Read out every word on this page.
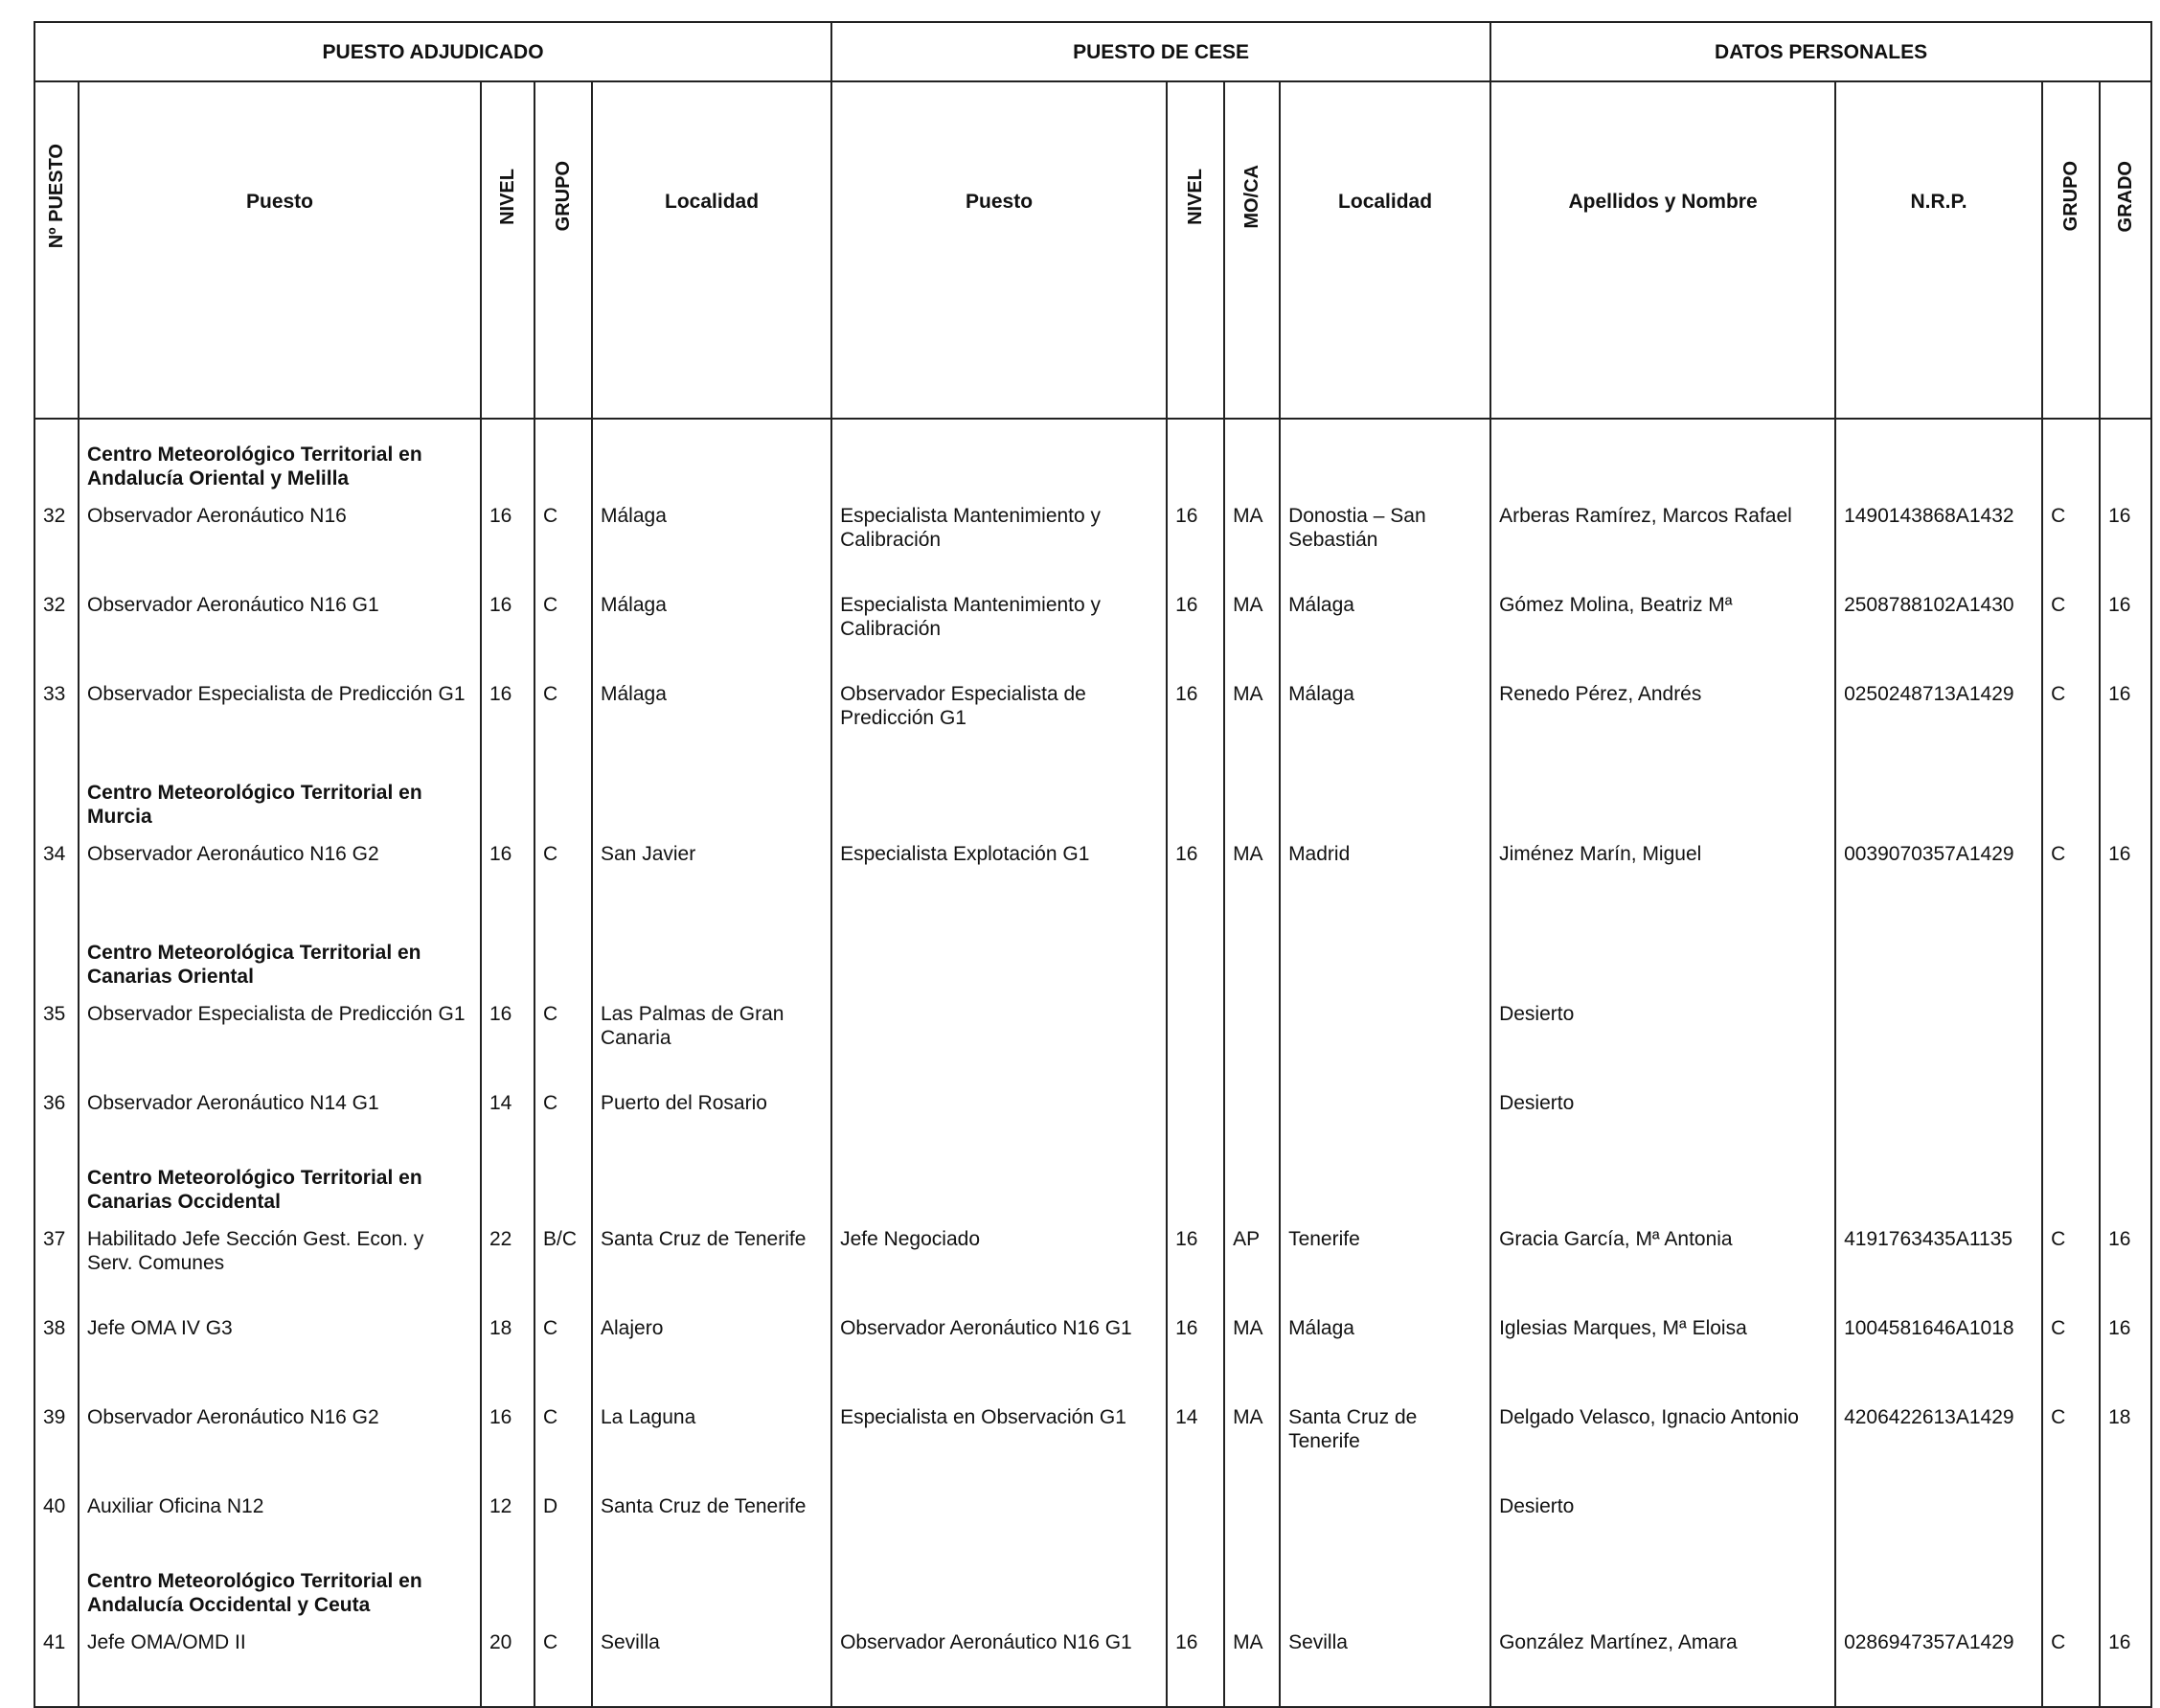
PUESTO ADJUDICADO					PUESTO DE CESE				DATOS PERSONALES			

Nº PUESTO	Puesto	NIVEL	GRUPO	Localidad	Puesto	NIVEL	MO/CA	Localidad	Apellidos y Nombre	N.R.P.	GRUPO	GRADO

	Centro Meteorológico Territorial en Andalucía Oriental y Melilla											
32	Observador Aeronáutico N16	16	C	Málaga	Especialista Mantenimiento y Calibración	16	MA	Donostia – San Sebastián	Arberas Ramírez, Marcos Rafael	1490143868A1432	C	16
32	Observador Aeronáutico N16 G1	16	C	Málaga	Especialista Mantenimiento y Calibración	16	MA	Málaga	Gómez Molina, Beatriz Mª	2508788102A1430	C	16
33	Observador Especialista de Predicción G1	16	C	Málaga	Observador Especialista de Predicción G1	16	MA	Málaga	Renedo Pérez, Andrés	0250248713A1429	C	16
	Centro Meteorológico Territorial en Murcia											
34	Observador Aeronáutico N16 G2	16	C	San Javier	Especialista Explotación G1	16	MA	Madrid	Jiménez Marín, Miguel	0039070357A1429	C	16
	Centro Meteorológica Territorial en Canarias Oriental											
35	Observador Especialista de Predicción G1	16	C	Las Palmas de Gran Canaria					Desierto			
36	Observador Aeronáutico N14 G1	14	C	Puerto del Rosario					Desierto			
	Centro Meteorológico Territorial en Canarias Occidental											
37	Habilitado Jefe Sección Gest. Econ. y Serv. Comunes	22	B/C	Santa Cruz de Tenerife	Jefe Negociado	16	AP	Tenerife	Gracia García, Mª Antonia	4191763435A1135	C	16
38	Jefe OMA IV G3	18	C	Alajero	Observador Aeronáutico N16 G1	16	MA	Málaga	Iglesias Marques, Mª Eloisa	1004581646A1018	C	16
39	Observador Aeronáutico N16 G2	16	C	La Laguna	Especialista en Observación G1	14	MA	Santa Cruz de Tenerife	Delgado Velasco, Ignacio Antonio	4206422613A1429	C	18
40	Auxiliar Oficina N12	12	D	Santa Cruz de Tenerife					Desierto			
	Centro Meteorológico Territorial en Andalucía Occidental y Ceuta											
41	Jefe OMA/OMD II	20	C	Sevilla	Observador Aeronáutico N16 G1	16	MA	Sevilla	González Martínez, Amara	0286947357A1429	C	16
